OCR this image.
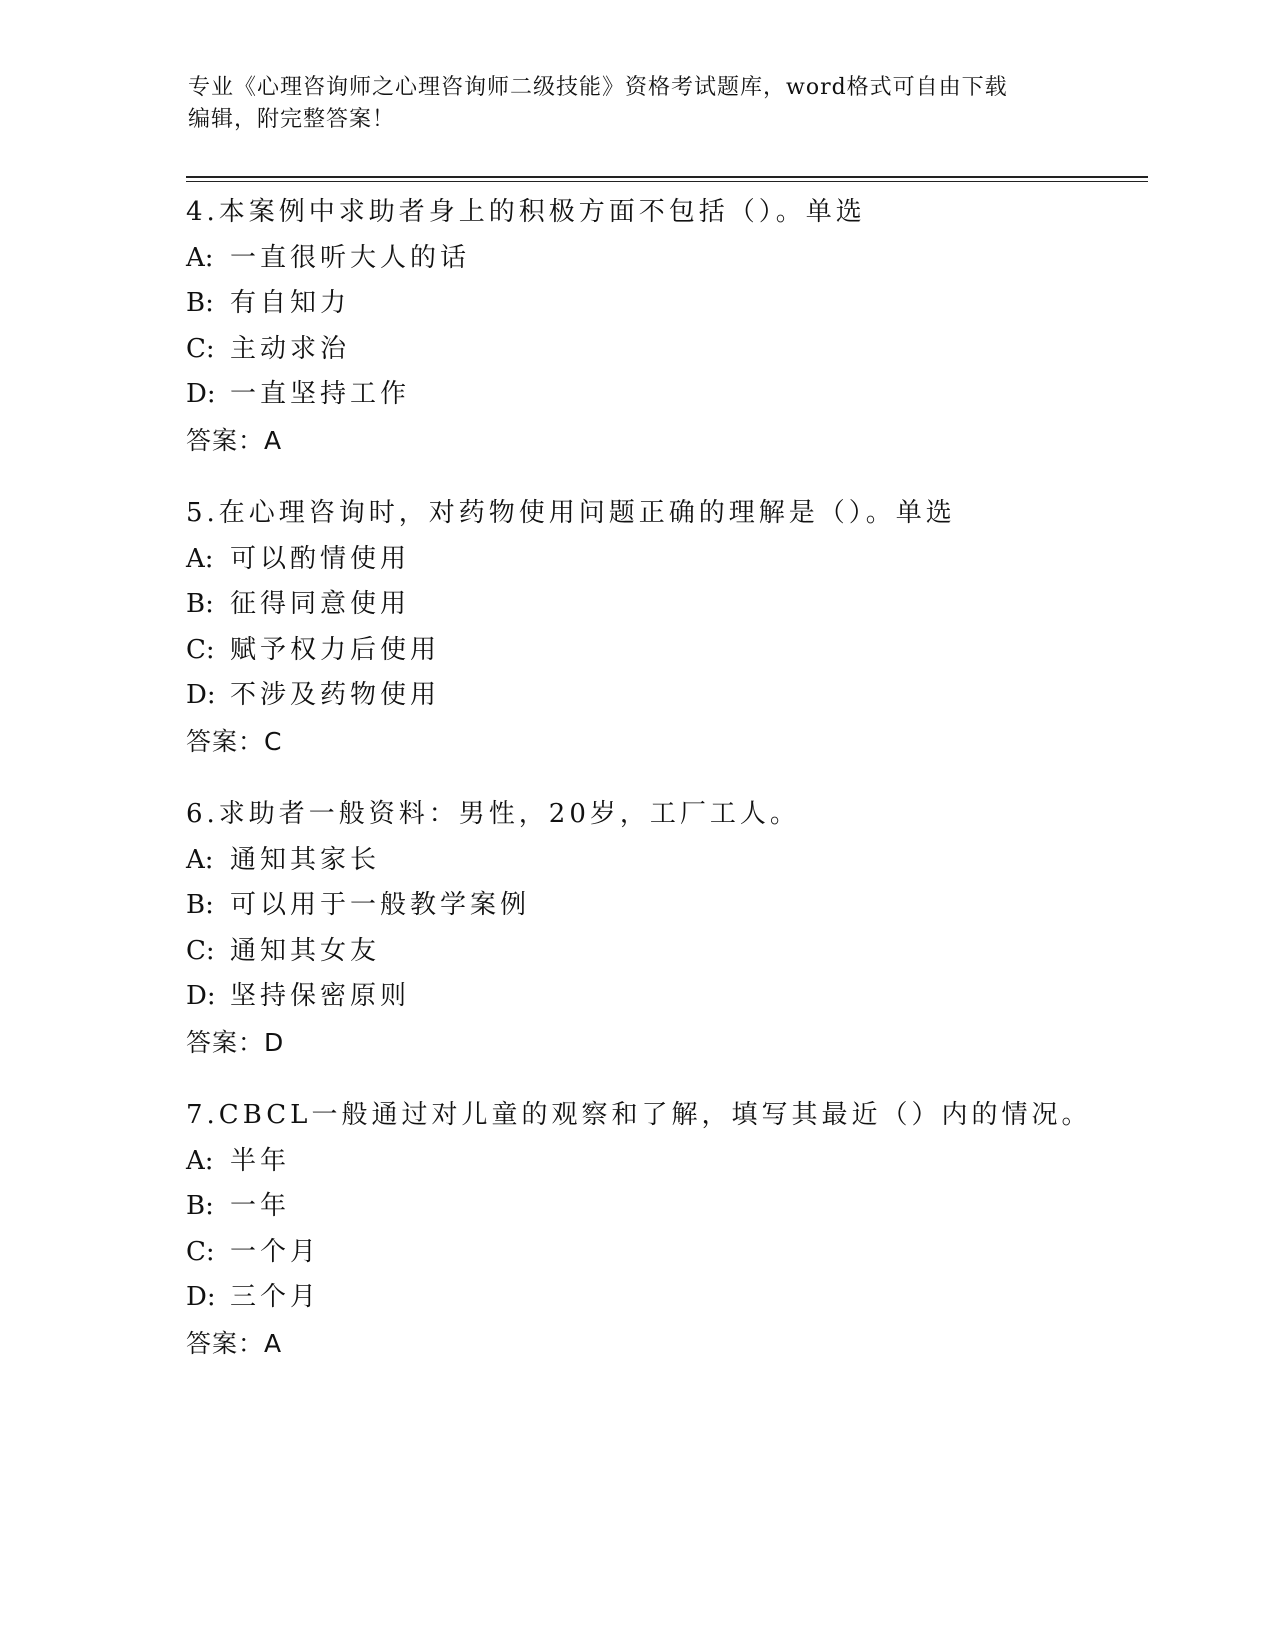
专业《心理咨询师之心理咨询师二级技能》资格考试题库，word格式可自由下载
编辑，附完整答案！
4.本案例中求助者身上的积极方面不包括（）。单选
A: 一直很听大人的话
B: 有自知力
C: 主动求治
D: 一直坚持工作
答案：A
5.在心理咨询时，对药物使用问题正确的理解是（）。单选
A: 可以酌情使用
B: 征得同意使用
C: 赋予权力后使用
D: 不涉及药物使用
答案：C
6.求助者一般资料：男性，20岁，工厂工人。
A: 通知其家长
B: 可以用于一般教学案例
C: 通知其女友
D: 坚持保密原则
答案：D
7.CBCL一般通过对儿童的观察和了解，填写其最近（）内的情况。
A: 半年
B: 一年
C: 一个月
D: 三个月
答案：A
